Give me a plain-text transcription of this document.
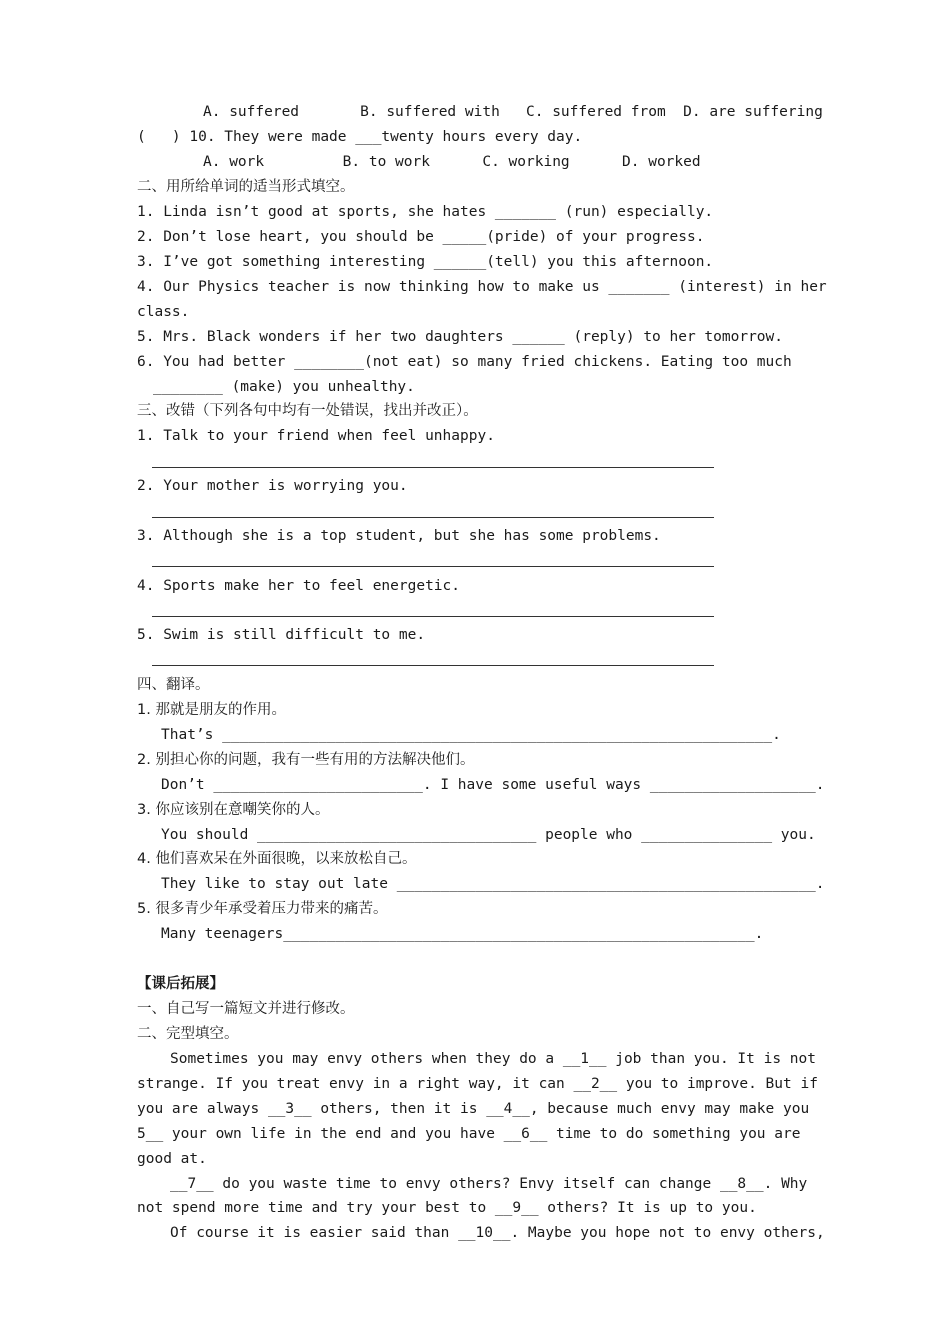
A. suffered       B. suffered with   C. suffered from  D. are suffering
(   ) 10. They were made ___twenty hours every day.
A. work         B. to work      C. working      D. worked
二、用所给单词的适当形式填空。
1. Linda isn’t good at sports, she hates _______ (run) especially.
2. Don’t lose heart, you should be _____(pride) of your progress.
3. I’ve got something interesting ______(tell) you this afternoon.
4. Our Physics teacher is now thinking how to make us _______ (interest) in her
class.
5. Mrs. Black wonders if her two daughters ______ (reply) to her tomorrow.
6. You had better ________(not eat) so many fried chickens. Eating too much
________ (make) you unhealthy.
三、改错（下列各句中均有一处错误，找出并改正）。
1. Talk to your friend when feel unhappy.
2. Your mother is worrying you.
3. Although she is a top student, but she has some problems.
4. Sports make her to feel energetic.
5. Swim is still difficult to me.
四、翻译。
1. 那就是朋友的作用。
That’s _______________________________________________________________.
2. 别担心你的问题，我有一些有用的方法解决他们。
Don’t ________________________. I have some useful ways ___________________.
3. 你应该别在意嘲笑你的人。
You should ________________________________ people who _______________ you.
4. 他们喜欢呆在外面很晚，以来放松自己。
They like to stay out late ________________________________________________.
5. 很多青少年承受着压力带来的痛苦。
Many teenagers______________________________________________________.
【课后拓展】
一、自己写一篇短文并进行修改。
二、完型填空。
Sometimes you may envy others when they do a __1__ job than you. It is not
strange. If you treat envy in a right way, it can __2__ you to improve. But if
you are always __3__ others, then it is __4__, because much envy may make you
5__ your own life in the end and you have __6__ time to do something you are
good at.
__7__ do you waste time to envy others? Envy itself can change __8__. Why
not spend more time and try your best to __9__ others? It is up to you.
Of course it is easier said than __10__. Maybe you hope not to envy others,
